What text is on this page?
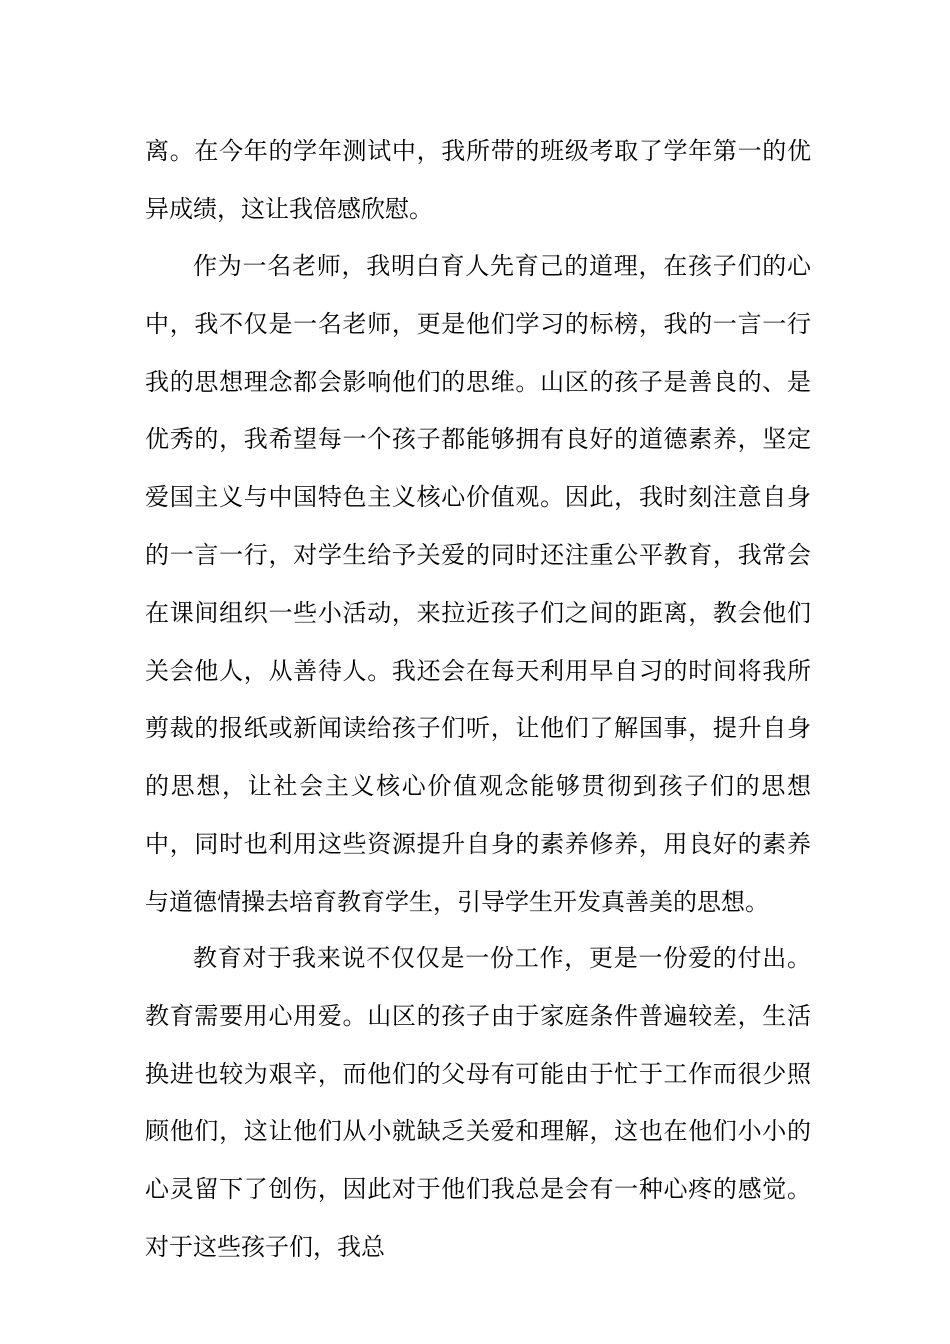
离。在今年的学年测试中，我所带的班级考取了学年第一的优异成绩，这让我倍感欣慰。

作为一名老师，我明白育人先育己的道理，在孩子们的心中，我不仅是一名老师，更是他们学习的标榜，我的一言一行我的思想理念都会影响他们的思维。山区的孩子是善良的、是优秀的，我希望每一个孩子都能够拥有良好的道德素养，坚定爱国主义与中国特色主义核心价值观。因此，我时刻注意自身的一言一行，对学生给予关爱的同时还注重公平教育，我常会在课间组织一些小活动，来拉近孩子们之间的距离，教会他们关会他人，从善待人。我还会在每天利用早自习的时间将我所剪裁的报纸或新闻读给孩子们听，让他们了解国事，提升自身的思想，让社会主义核心价值观念能够贯彻到孩子们的思想中，同时也利用这些资源提升自身的素养修养，用良好的素养与道德情操去培育教育学生，引导学生开发真善美的思想。

教育对于我来说不仅仅是一份工作，更是一份爱的付出。教育需要用心用爱。山区的孩子由于家庭条件普遍较差，生活换进也较为艰辛，而他们的父母有可能由于忙于工作而很少照顾他们，这让他们从小就缺乏关爱和理解，这也在他们小小的心灵留下了创伤，因此对于他们我总是会有一种心疼的感觉。对于这些孩子们，我总
